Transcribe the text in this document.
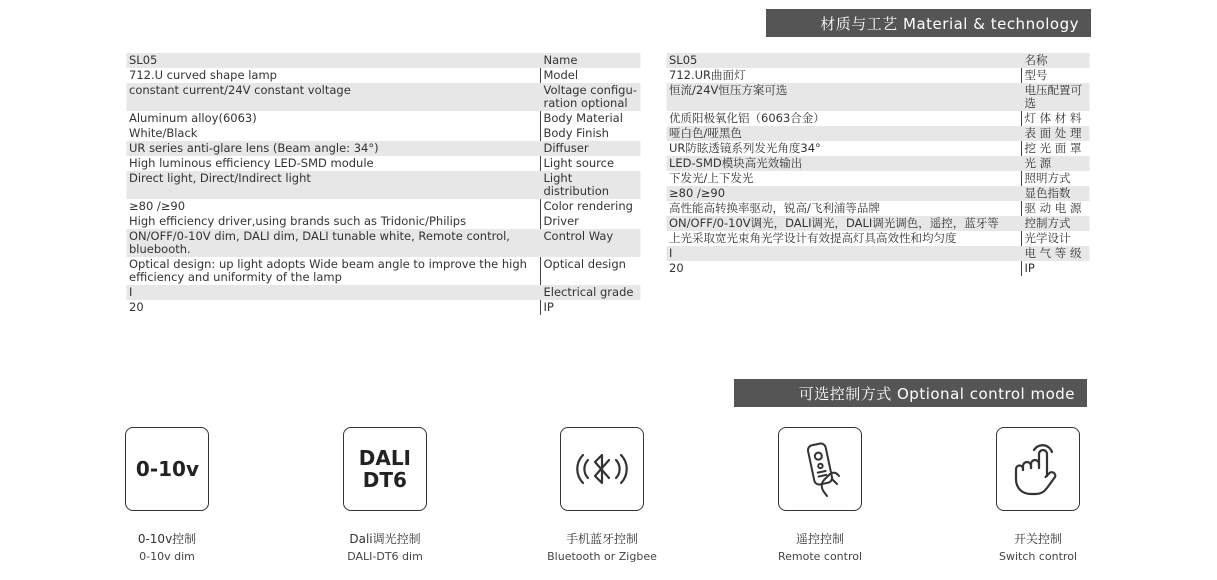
材质与工艺 Material & technology
名称	SL05
型号	712.UR曲面灯
电压配置可选	恒流/24V恒压方案可选
灯 体 材 料	优质阳极氧化铝（6063合金）
表 面 处 理	哑白色/哑黑色
挖 光 面 罩	UR防眩透镜系列发光角度34°
光 源	LED-SMD模块高光效输出
照明方式	下发光/上下发光
显色指数	≥80 /≥90
驱 动 电 源	高性能高转换率驱动，锐高/飞利浦等品牌
控制方式	ON/OFF/0-10V调光，DALI调光，DALI调光调色，遥控，蓝牙等
光学设计	上光采取宽光束角光学设计有效提高灯具高效性和均匀度
电 气 等 级	I
IP	20
Name	SL05
Model	712.U curved shape lamp
Voltage configu-ration optional	constant current/24V constant voltage
Body Material	Aluminum alloy(6063)
Body Finish	White/Black
Diffuser	UR series anti-glare lens (Beam angle: 34°)
Light source	High luminous efficiency LED-SMD module
Light distribution	Direct light, Direct/Indirect light
Color rendering	≥80 /≥90
Driver	High efficiency driver,using brands such as Tridonic/Philips
Control Way	ON/OFF/0-10V dim, DALI dim, DALI tunable white, Remote control, bluebooth.
Optical design	Optical design: up light adopts Wide beam angle to improve the high efficiency and uniformity of the lamp
Electrical grade	I
IP	20
可选控制方式 Optional control mode
DALI
DT6
0-10v
开关控制
Switch control
遥控控制
Remote control
手机蓝牙控制
Bluetooth or Zigbee
Dali调光控制
DALI-DT6 dim
0-10v控制
0-10v dim
